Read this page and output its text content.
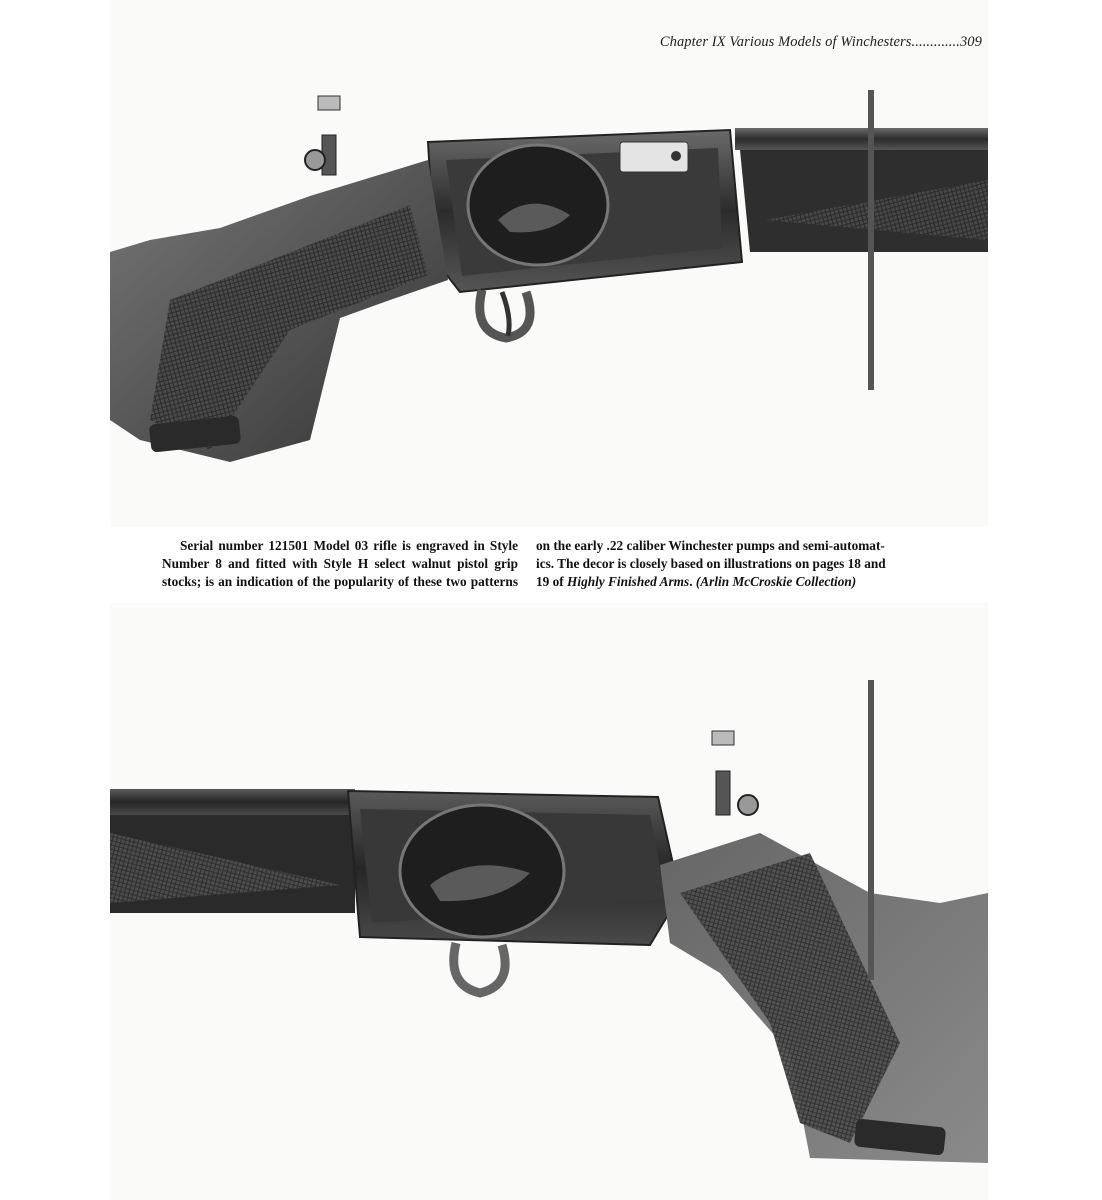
Chapter IX Various Models of Winchesters.............309
Serial number 121501 Model 03 rifle is engraved in Style
Number 8 and fitted with Style H select walnut pistol grip
stocks; is an indication of the popularity of these two patterns
on the early .22 caliber Winchester pumps and semi-automat-
ics. The decor is closely based on illustrations on pages 18 and
19 of Highly Finished Arms. (Arlin McCroskie Collection)
